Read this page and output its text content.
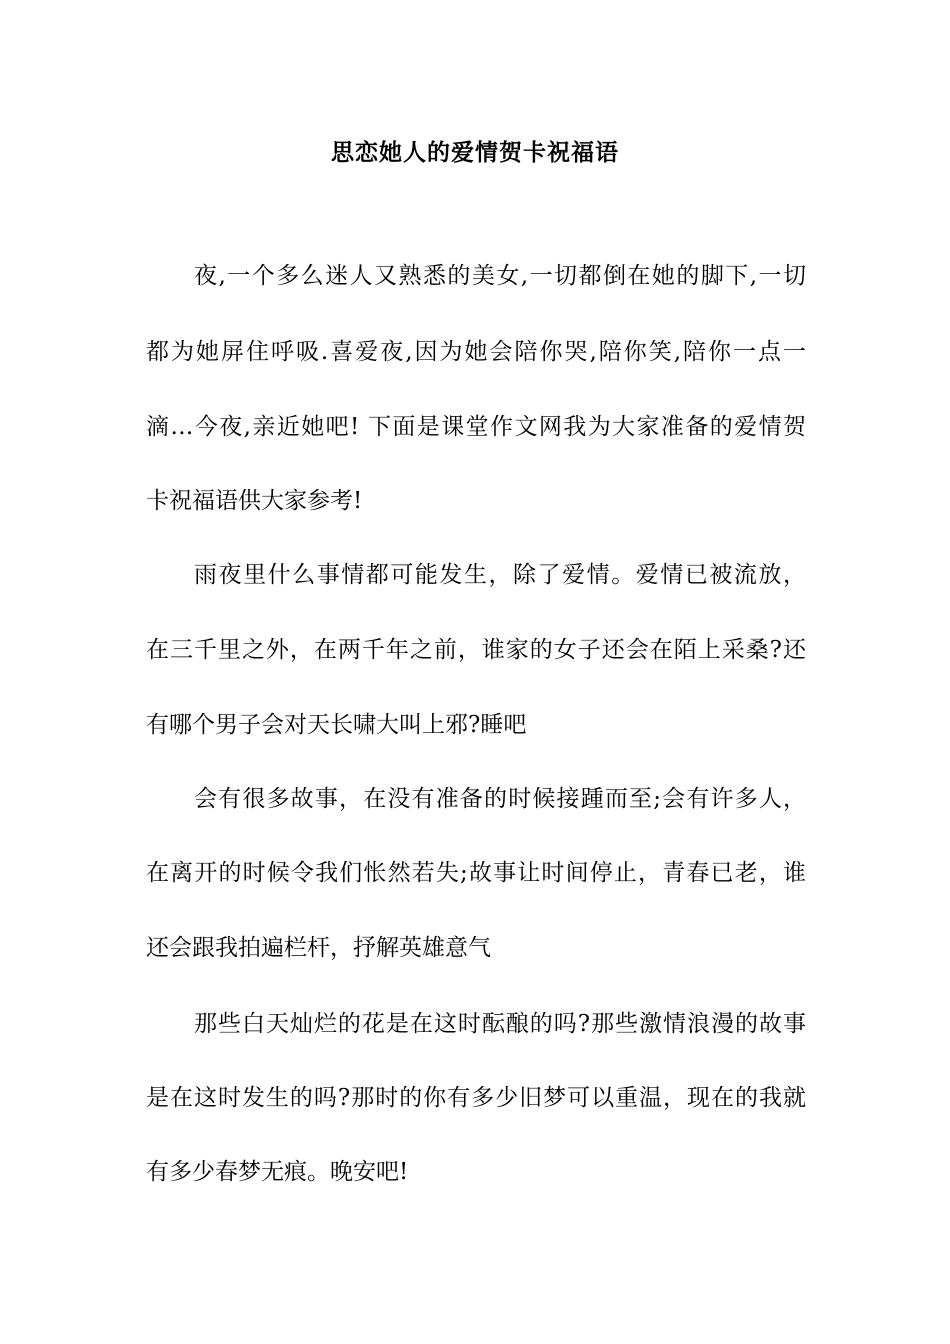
思恋她人的爱情贺卡祝福语

夜,一个多么迷人又熟悉的美女,一切都倒在她的脚下,一切

都为她屏住呼吸.喜爱夜,因为她会陪你哭,陪你笑,陪你一点一

滴…今夜,亲近她吧! 下面是课堂作文网我为大家准备的爱情贺

卡祝福语供大家参考!

雨夜里什么事情都可能发生，除了爱情。爱情已被流放，

在三千里之外，在两千年之前，谁家的女子还会在陌上采桑?还

有哪个男子会对天长啸大叫上邪?睡吧

会有很多故事，在没有准备的时候接踵而至;会有许多人，

在离开的时候令我们怅然若失;故事让时间停止，青春已老，谁

还会跟我拍遍栏杆，抒解英雄意气

那些白天灿烂的花是在这时酝酿的吗?那些激情浪漫的故事

是在这时发生的吗?那时的你有多少旧梦可以重温，现在的我就

有多少春梦无痕。晚安吧!
